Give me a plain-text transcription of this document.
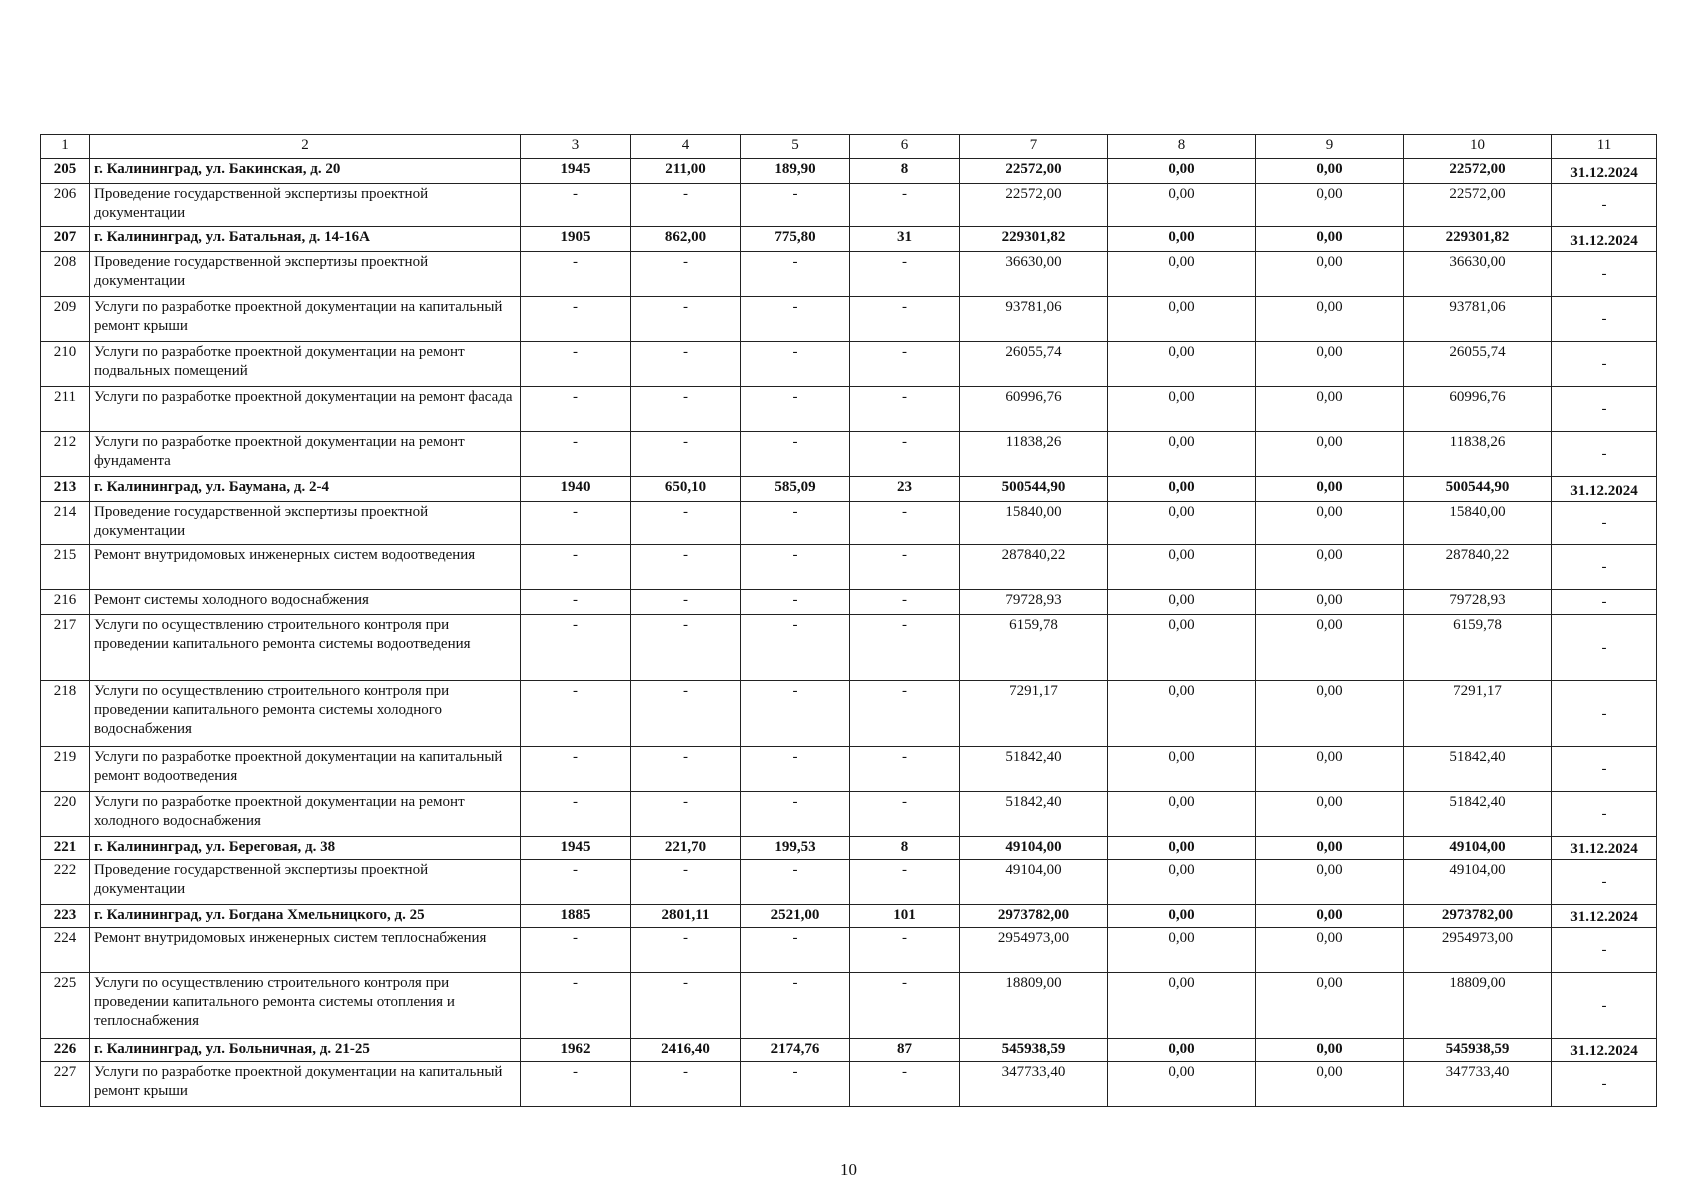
1	2	3	4	5	6	7	8	9	10	11
205	г. Калининград, ул. Бакинская, д. 20	1945	211,00	189,90	8	22572,00	0,00	0,00	22572,00	31.12.2024
206	Проведение государственной экспертизы проектной документации	-	-	-	-	22572,00	0,00	0,00	22572,00	-
207	г. Калининград, ул. Батальная, д. 14-16А	1905	862,00	775,80	31	229301,82	0,00	0,00	229301,82	31.12.2024
208	Проведение государственной экспертизы проектной документации	-	-	-	-	36630,00	0,00	0,00	36630,00	-
209	Услуги по разработке проектной документации на капитальный ремонт крыши	-	-	-	-	93781,06	0,00	0,00	93781,06	-
210	Услуги по разработке проектной документации на ремонт подвальных помещений	-	-	-	-	26055,74	0,00	0,00	26055,74	-
211	Услуги по разработке проектной документации на ремонт фасада	-	-	-	-	60996,76	0,00	0,00	60996,76	-
212	Услуги по разработке проектной документации на ремонт фундамента	-	-	-	-	11838,26	0,00	0,00	11838,26	-
213	г. Калининград, ул. Баумана, д. 2-4	1940	650,10	585,09	23	500544,90	0,00	0,00	500544,90	31.12.2024
214	Проведение государственной экспертизы проектной документации	-	-	-	-	15840,00	0,00	0,00	15840,00	-
215	Ремонт внутридомовых инженерных систем водоотведения	-	-	-	-	287840,22	0,00	0,00	287840,22	-
216	Ремонт системы холодного водоснабжения	-	-	-	-	79728,93	0,00	0,00	79728,93	-
217	Услуги по осуществлению строительного контроля при проведении капитального ремонта системы водоотведения	-	-	-	-	6159,78	0,00	0,00	6159,78	-
218	Услуги по осуществлению строительного контроля при проведении капитального ремонта системы холодного водоснабжения	-	-	-	-	7291,17	0,00	0,00	7291,17	-
219	Услуги по разработке проектной документации на капитальный ремонт водоотведения	-	-	-	-	51842,40	0,00	0,00	51842,40	-
220	Услуги по разработке проектной документации на ремонт холодного водоснабжения	-	-	-	-	51842,40	0,00	0,00	51842,40	-
221	г. Калининград, ул. Береговая, д. 38	1945	221,70	199,53	8	49104,00	0,00	0,00	49104,00	31.12.2024
222	Проведение государственной экспертизы проектной документации	-	-	-	-	49104,00	0,00	0,00	49104,00	-
223	г. Калининград, ул. Богдана Хмельницкого, д. 25	1885	2801,11	2521,00	101	2973782,00	0,00	0,00	2973782,00	31.12.2024
224	Ремонт внутридомовых инженерных систем теплоснабжения	-	-	-	-	2954973,00	0,00	0,00	2954973,00	-
225	Услуги по осуществлению строительного контроля при проведении капитального ремонта системы отопления и теплоснабжения	-	-	-	-	18809,00	0,00	0,00	18809,00	-
226	г. Калининград, ул. Больничная, д. 21-25	1962	2416,40	2174,76	87	545938,59	0,00	0,00	545938,59	31.12.2024
227	Услуги по разработке проектной документации на капитальный ремонт крыши	-	-	-	-	347733,40	0,00	0,00	347733,40	-
10
